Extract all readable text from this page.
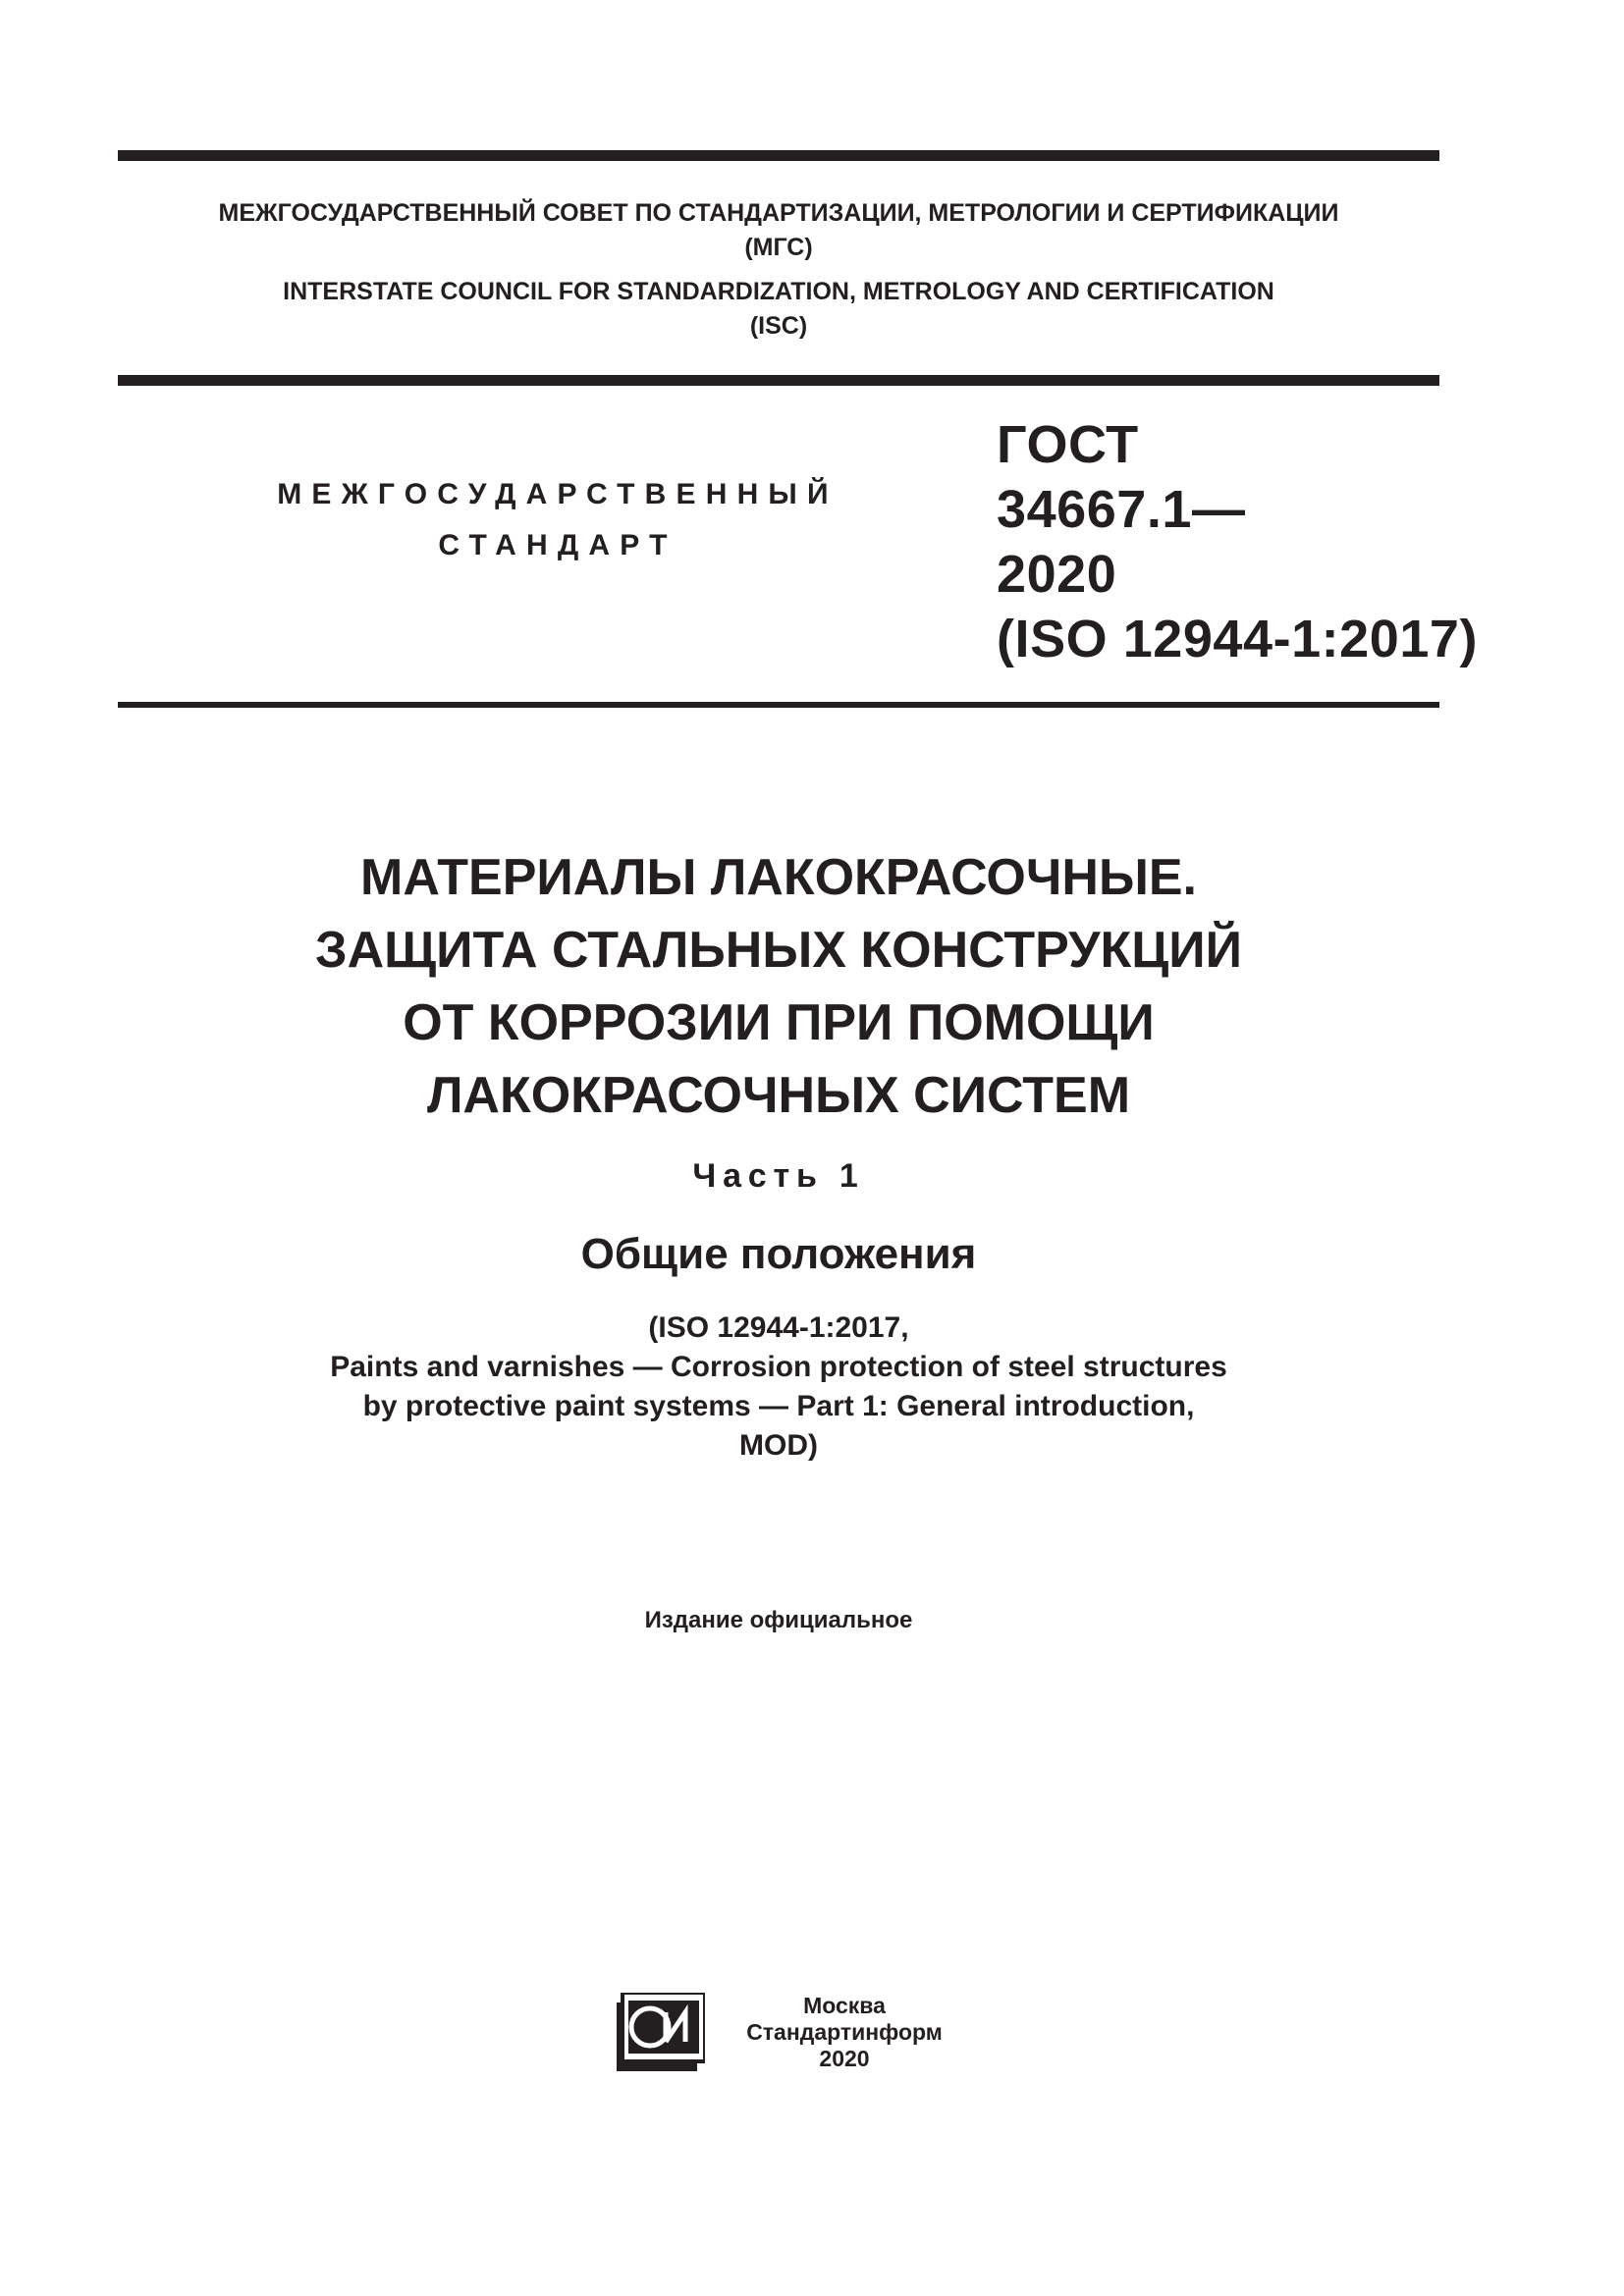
МЕЖГОСУДАРСТВЕННЫЙ СОВЕТ ПО СТАНДАРТИЗАЦИИ, МЕТРОЛОГИИ И СЕРТИФИКАЦИИ
(МГС)
INTERSTATE COUNCIL FOR STANDARDIZATION, METROLOGY AND CERTIFICATION
(ISC)
МЕЖГОСУДАРСТВЕННЫЙ
СТАНДАРТ
ГОСТ
34667.1—
2020
(ISO 12944-1:2017)
МАТЕРИАЛЫ ЛАКОКРАСОЧНЫЕ.
ЗАЩИТА СТАЛЬНЫХ КОНСТРУКЦИЙ
ОТ КОРРОЗИИ ПРИ ПОМОЩИ
ЛАКОКРАСОЧНЫХ СИСТЕМ
Часть 1
Общие положения
(ISO 12944-1:2017,
Paints and varnishes — Corrosion protection of steel structures
by protective paint systems — Part 1: General introduction,
MOD)
Издание официальное
Москва
Стандартинформ
2020
